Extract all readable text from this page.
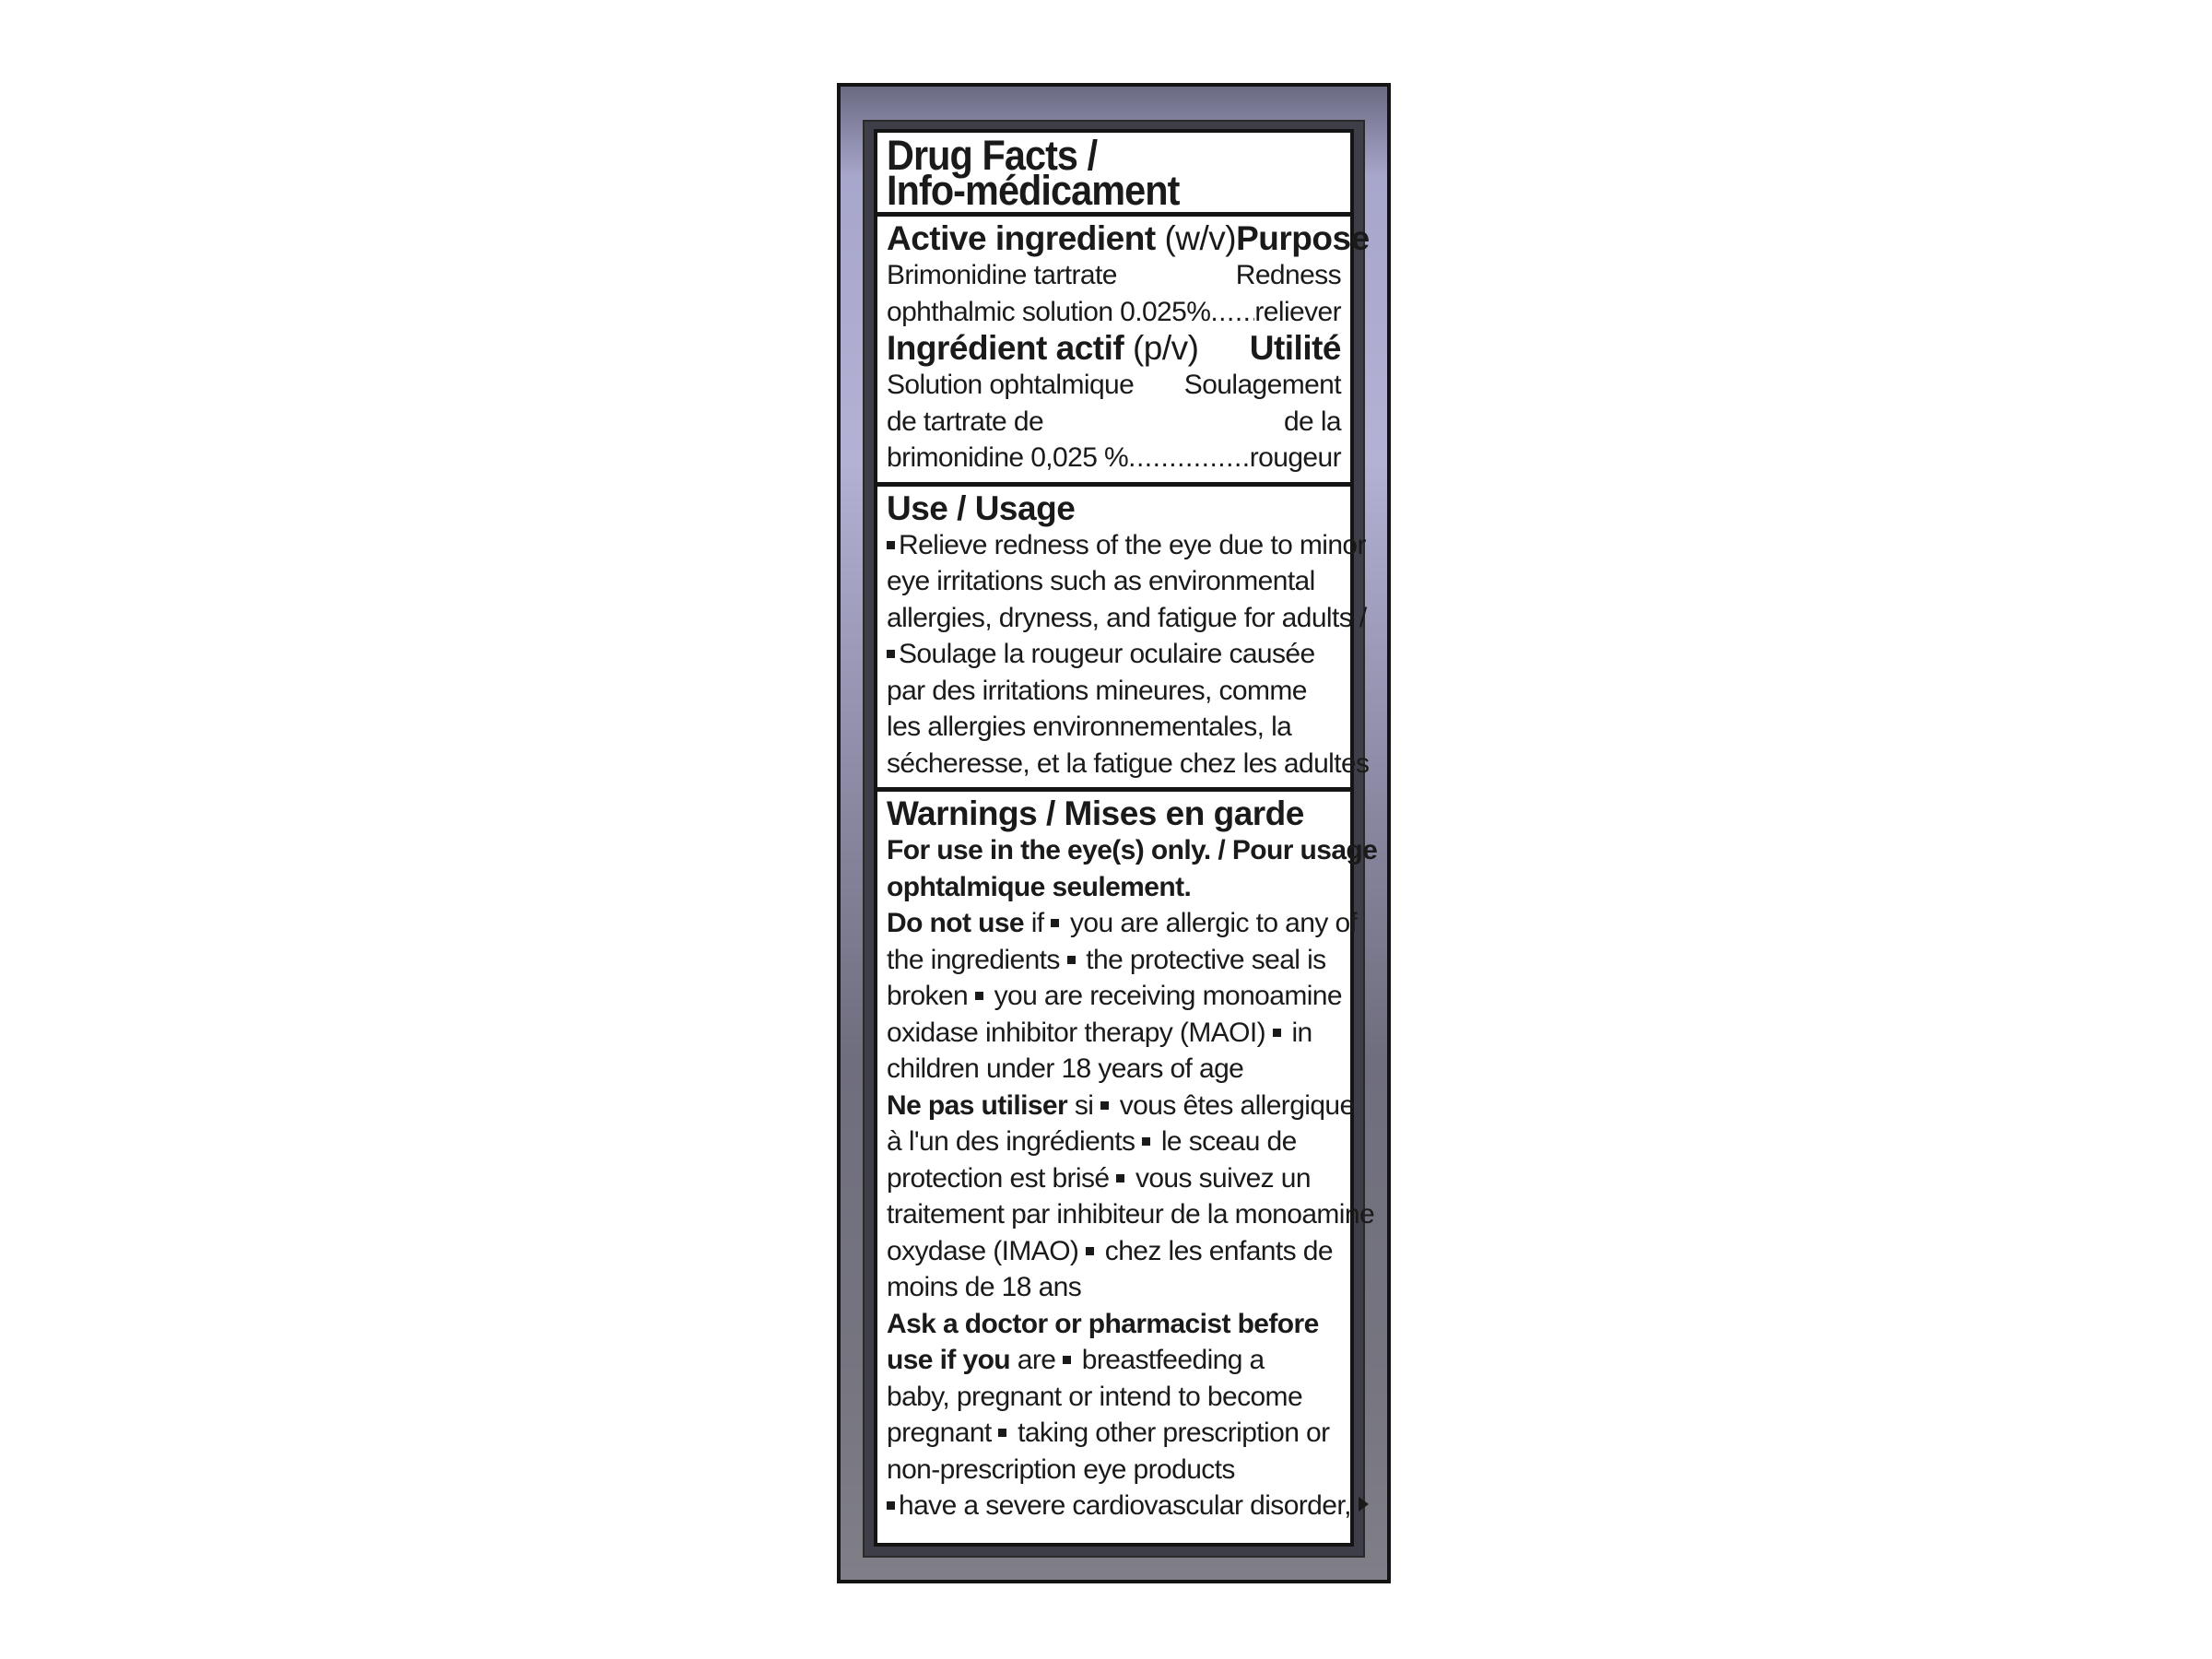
Drug Facts /
Info-médicament
Active ingredient (w/v) Purpose
Brimonidine tartrate	Redness
ophthalmic solution 0.025% ..... reliever
Ingrédient actif (p/v) Utilité
Solution ophtalmique Soulagement
de tartrate de	de la
brimonidine 0,025 % .....	rougeur
Use / Usage
Relieve redness of the eye due to minor
eye irritations such as environmental
allergies, dryness, and fatigue for adults /
Soulage la rougeur oculaire causée
par des irritations mineures, comme
les allergies environnementales, la
sécheresse, et la fatigue chez les adultes
Warnings / Mises en garde
For use in the eye(s) only. / Pour usage
ophtalmique seulement.
Do not use if  you are allergic to any of
the ingredients  the protective seal is
broken  you are receiving monoamine
oxidase inhibitor therapy (MAOI)  in
children under 18 years of age
Ne pas utiliser si  vous êtes allergique
à l'un des ingrédients  le sceau de
protection est brisé  vous suivez un
traitement par inhibiteur de la monoamine
oxydase (IMAO)  chez les enfants de
moins de 18 ans
Ask a doctor or pharmacist before
use if you are  breastfeeding a
baby, pregnant or intend to become
pregnant  taking other prescription or
non-prescription eye products
have a severe cardiovascular disorder,
